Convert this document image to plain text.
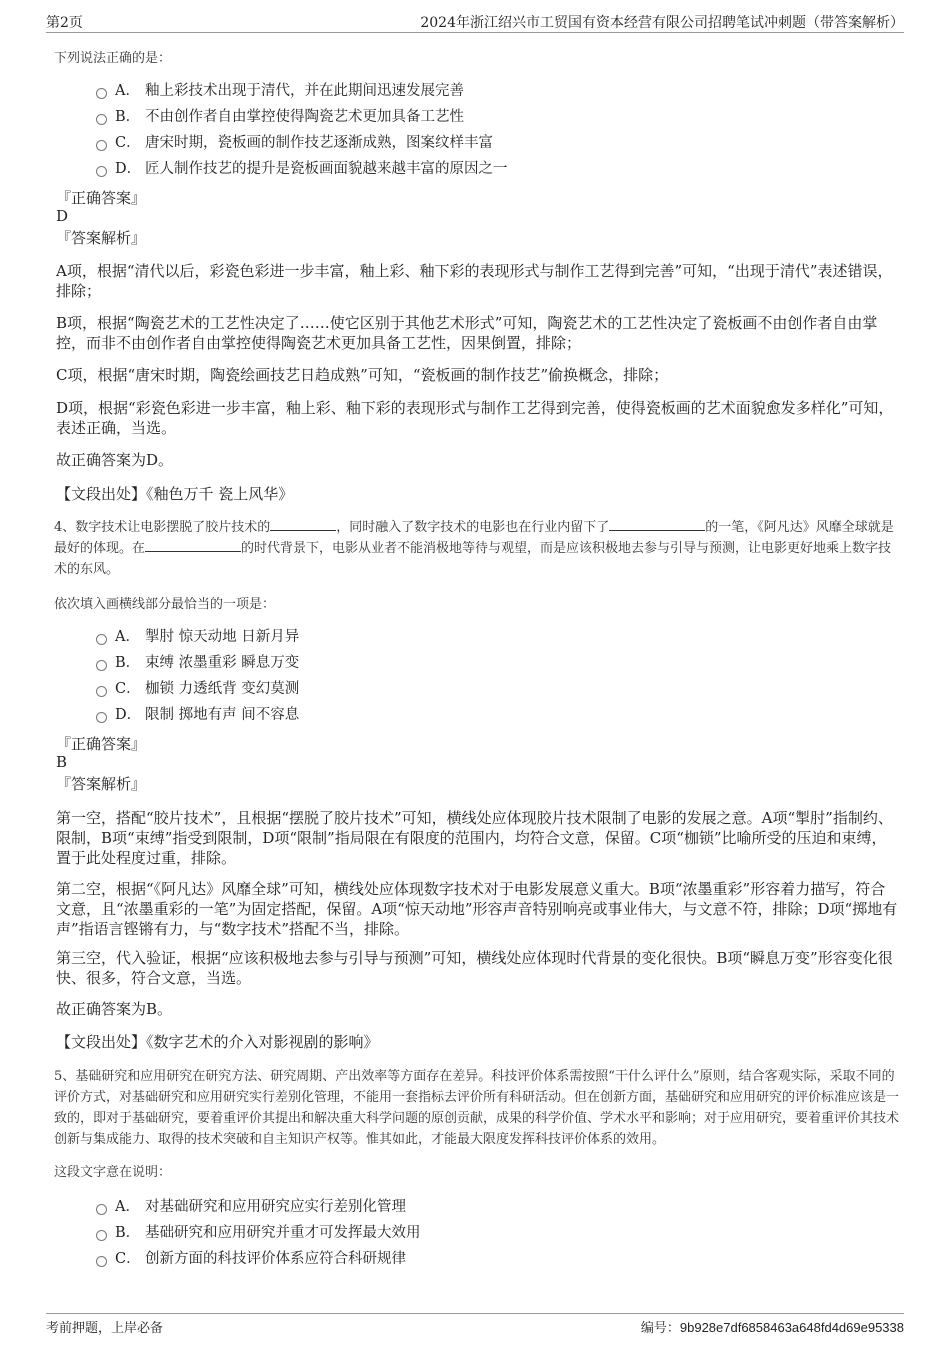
第2页	2024年浙江绍兴市工贸国有资本经营有限公司招聘笔试冲刺题（带答案解析）
下列说法正确的是：
A． 釉上彩技术出现于清代，并在此期间迅速发展完善
B． 不由创作者自由掌控使得陶瓷艺术更加具备工艺性
C． 唐宋时期，瓷板画的制作技艺逐渐成熟，图案纹样丰富
D． 匠人制作技艺的提升是瓷板画面貌越来越丰富的原因之一
『正确答案』
D
『答案解析』
A项，根据“清代以后，彩瓷色彩进一步丰富，釉上彩、釉下彩的表现形式与制作工艺得到完善”可知，“出现于清代”表述错误，排除；
B项，根据“陶瓷艺术的工艺性决定了……使它区别于其他艺术形式”可知，陶瓷艺术的工艺性决定了瓷板画不由创作者自由掌控，而非不由创作者自由掌控使得陶瓷艺术更加具备工艺性，因果倒置，排除；
C项，根据“唐宋时期，陶瓷绘画技艺日趋成熟”可知，“瓷板画的制作技艺”偷换概念，排除；
D项，根据“彩瓷色彩进一步丰富，釉上彩、釉下彩的表现形式与制作工艺得到完善，使得瓷板画的艺术面貌愈发多样化”可知，表述正确，当选。
故正确答案为D。
【文段出处】《釉色万千 瓷上风华》
4、数字技术让电影摆脱了胶片技术的	，同时融入了数字技术的电影也在行业内留下了	的一笔，《阿凡达》风靡全球就是最好的体现。在	的时代背景下，电影从业者不能消极地等待与观望，而是应该积极地去参与引导与预测，让电影更好地乘上数字技术的东风。
依次填入画横线部分最恰当的一项是：
A． 掣肘 惊天动地 日新月异
B． 束缚 浓墨重彩 瞬息万变
C． 枷锁 力透纸背 变幻莫测
D． 限制 掷地有声 间不容息
『正确答案』
B
『答案解析』
第一空，搭配“胶片技术”，且根据“摆脱了胶片技术”可知，横线处应体现胶片技术限制了电影的发展之意。A项“掣肘”指制约、限制，B项“束缚”指受到限制，D项“限制”指局限在有限度的范围内，均符合文意，保留。C项“枷锁”比喻所受的压迫和束缚，置于此处程度过重，排除。
第二空，根据“《阿凡达》风靡全球”可知，横线处应体现数字技术对于电影发展意义重大。B项“浓墨重彩”形容着力描写，符合文意，且“浓墨重彩的一笔”为固定搭配，保留。A项“惊天动地”形容声音特别响亮或事业伟大，与文意不符，排除；D项“掷地有声”指语言铿锵有力，与“数字技术”搭配不当，排除。
第三空，代入验证，根据“应该积极地去参与引导与预测”可知，横线处应体现时代背景的变化很快。B项“瞬息万变”形容变化很快、很多，符合文意，当选。
故正确答案为B。
【文段出处】《数字艺术的介入对影视剧的影响》
5、基础研究和应用研究在研究方法、研究周期、产出效率等方面存在差异。科技评价体系需按照“干什么评什么”原则，结合客观实际，采取不同的评价方式，对基础研究和应用研究实行差别化管理，不能用一套指标去评价所有科研活动。但在创新方面，基础研究和应用研究的评价标准应该是一致的，即对于基础研究，要着重评价其提出和解决重大科学问题的原创贡献，成果的科学价值、学术水平和影响；对于应用研究，要着重评价其技术创新与集成能力、取得的技术突破和自主知识产权等。惟其如此，才能最大限度发挥科技评价体系的效用。
这段文字意在说明：
A． 对基础研究和应用研究应实行差别化管理
B． 基础研究和应用研究并重才可发挥最大效用
C． 创新方面的科技评价体系应符合科研规律
考前押题，上岸必备	编号：9b928e7df6858463a648fd4d69e95338
